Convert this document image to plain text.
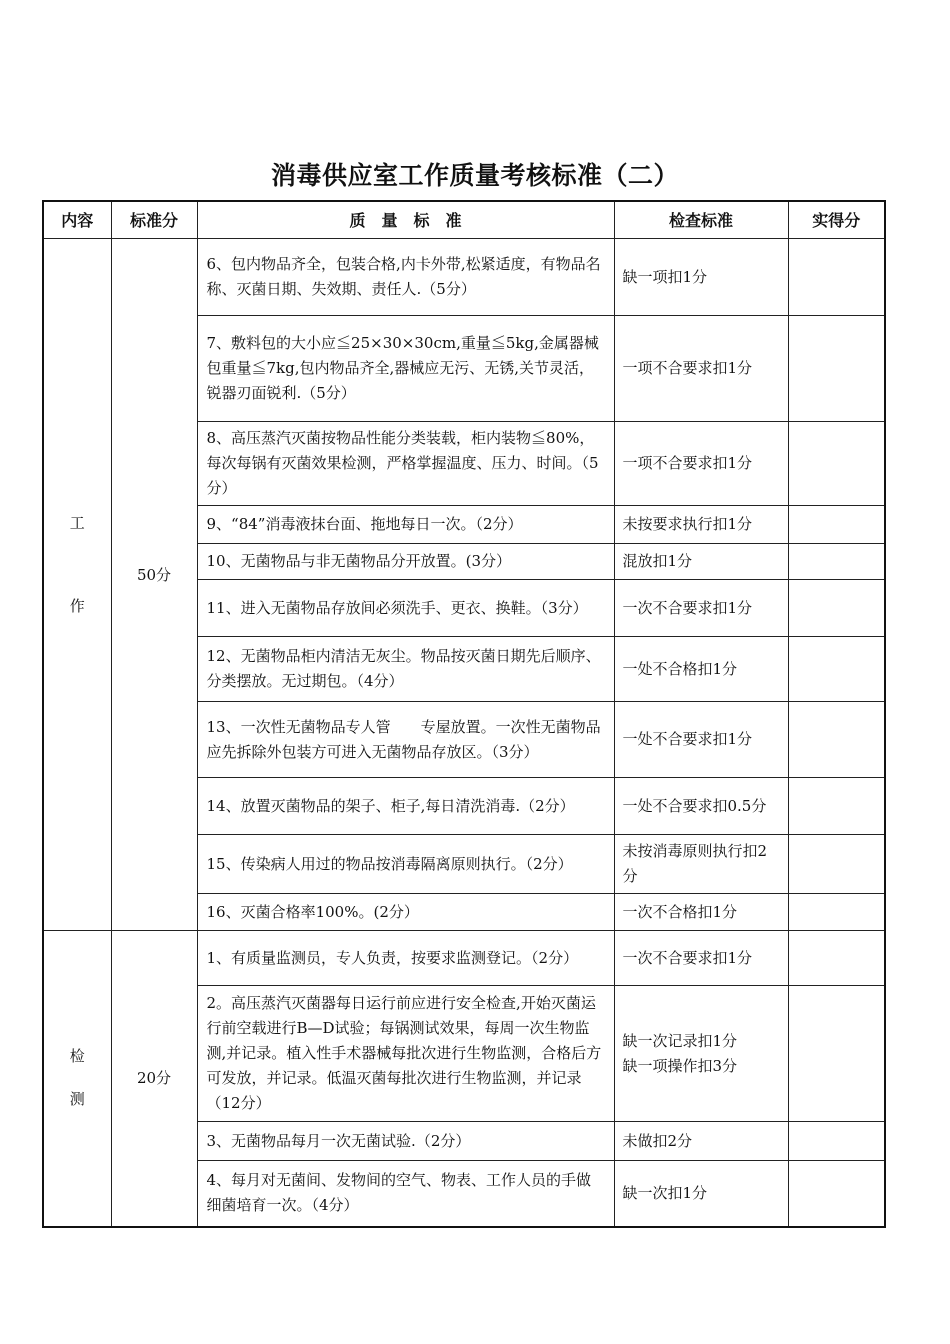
消毒供应室工作质量考核标准（二）
内容	标准分	质　量　标　准	检查标准	实得分

工
作	50分	6、包内物品齐全，包装合格,内卡外带,松紧适度，有物品名称、灭菌日期、失效期、责任人.（5分）	缺一项扣1分	
		7、敷料包的大小应≦25×30×30cm,重量≦5kg,金属器械包重量≦7kg,包内物品齐全,器械应无污、无锈,关节灵活，锐器刃面锐利.（5分）	一项不合要求扣1分	
		8、高压蒸汽灭菌按物品性能分类装载，柜内装物≦80%，每次每锅有灭菌效果检测，严格掌握温度、压力、时间。（5分）	一项不合要求扣1分	
		9、“84”消毒液抹台面、拖地每日一次。（2分）	未按要求执行扣1分	
		10、无菌物品与非无菌物品分开放置。(3分）	混放扣1分	
		11、进入无菌物品存放间必须洗手、更衣、换鞋。（3分）	一次不合要求扣1分	
		12、无菌物品柜内清洁无灰尘。物品按灭菌日期先后顺序、分类摆放。无过期包。（4分）	一处不合格扣1分	
		13、一次性无菌物品专人管　　专屋放置。一次性无菌物品应先拆除外包装方可进入无菌物品存放区。（3分）	一处不合要求扣1分	
		14、放置灭菌物品的架子、柜子,每日清洗消毒.（2分）	一处不合要求扣0.5分	
		15、传染病人用过的物品按消毒隔离原则执行。（2分）	未按消毒原则执行扣2分	
		16、灭菌合格率100%。(2分）	一次不合格扣1分	

检
测	20分	1、有质量监测员，专人负责，按要求监测登记。（2分）	一次不合要求扣1分	
		2。高压蒸汽灭菌器每日运行前应进行安全检查,开始灭菌运行前空载进行B—D试验；每锅测试效果，每周一次生物监测,并记录。植入性手术器械每批次进行生物监测，合格后方可发放，并记录。低温灭菌每批次进行生物监测，并记录（12分）	缺一次记录扣1分
缺一项操作扣3分	
		3、无菌物品每月一次无菌试验.（2分）	未做扣2分	
		4、每月对无菌间、发物间的空气、物表、工作人员的手做细菌培育一次。（4分）	缺一次扣1分	
